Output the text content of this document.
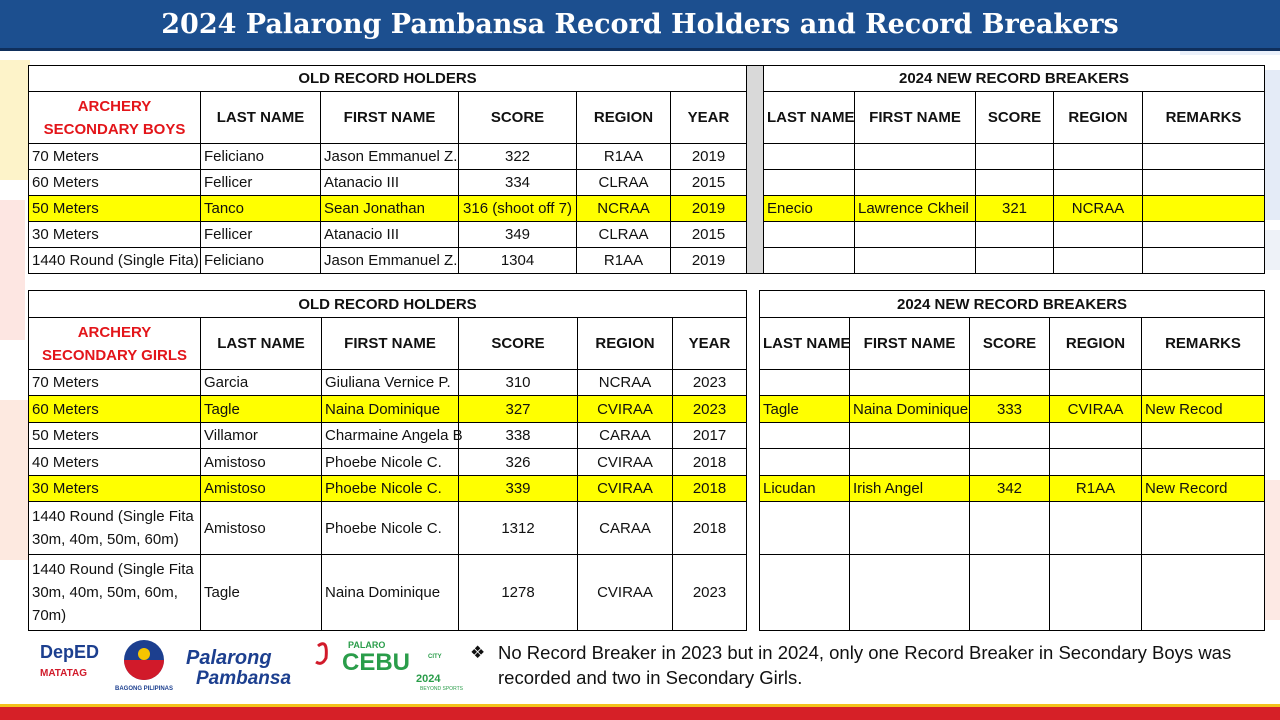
2024 Palarong Pambansa Record Holders and Record Breakers
OLD RECORD HOLDERS							2024 NEW RECORD BREAKERS				
ARCHERY SECONDARY BOYS	LAST NAME	FIRST NAME	SCORE	REGION	YEAR		LAST NAME	FIRST NAME	SCORE	REGION	REMARKS
70 Meters	Feliciano	Jason Emmanuel Z.	322	R1AA	2019						
60 Meters	Fellicer	Atanacio III	334	CLRAA	2015						
50 Meters	Tanco	Sean Jonathan	316 (shoot off 7)	NCRAA	2019		Enecio	Lawrence Ckheil	321	NCRAA	
30 Meters	Fellicer	Atanacio III	349	CLRAA	2015						
1440 Round (Single Fita)	Feliciano	Jason Emmanuel Z.	1304	R1AA	2019						
OLD RECORD HOLDERS							2024 NEW RECORD BREAKERS				
ARCHERY SECONDARY GIRLS	LAST NAME	FIRST NAME	SCORE	REGION	YEAR		LAST NAME	FIRST NAME	SCORE	REGION	REMARKS
70 Meters	Garcia	Giuliana Vernice P.	310	NCRAA	2023						
60 Meters	Tagle	Naina Dominique	327	CVIRAA	2023		Tagle	Naina Dominique	333	CVIRAA	New Recod
50 Meters	Villamor	Charmaine Angela B	338	CARAA	2017						
40 Meters	Amistoso	Phoebe Nicole C.	326	CVIRAA	2018						
30 Meters	Amistoso	Phoebe Nicole C.	339	CVIRAA	2018		Licudan	Irish Angel	342	R1AA	New Record
1440 Round (Single Fita 30m, 40m, 50m, 60m)	Amistoso	Phoebe Nicole C.	1312	CARAA	2018						
1440 Round (Single Fita 30m, 40m, 50m, 60m, 70m)	Tagle	Naina Dominique	1278	CVIRAA	2023						
DepED
MATATAG
BAGONG PILIPINAS
Palarong
Pambansa
PALARO
CEBU	CITY
2024
BEYOND SPORTS
❖ No Record Breaker in 2023 but in 2024, only one Record Breaker in Secondary Boys was recorded and two in Secondary Girls.
